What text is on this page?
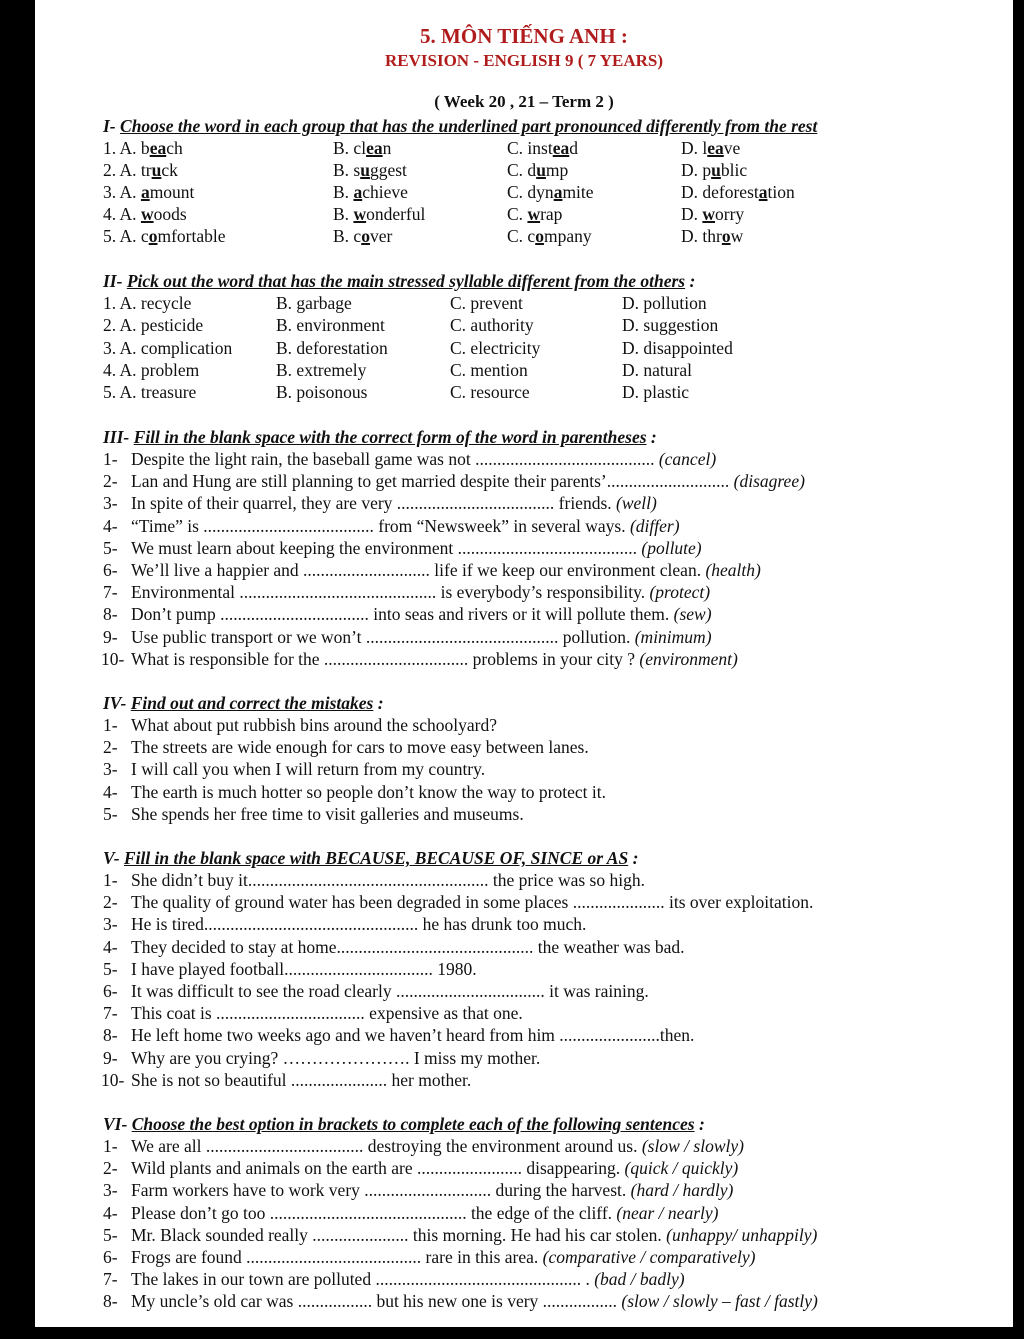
5. MÔN TIẾNG ANH :
REVISION - ENGLISH 9 ( 7 YEARS)
( Week 20 , 21 – Term 2 )
I- Choose the word in each group that has the underlined part pronounced differently from the rest
1. A. beach	B. clean	C. instead	D. leave
2. A. truck	B. suggest	C. dump	D. public
3. A. amount	B. achieve	C. dynamite	D. deforestation
4. A. woods	B. wonderful	C. wrap	D. worry
5. A. comfortable	B. cover	C. company	D. throw
II- Pick out the word that has the main stressed syllable different from the others :
1. A. recycle	B. garbage	C. prevent	D. pollution
2. A. pesticide	B. environment	C. authority	D. suggestion
3. A. complication B. deforestation	C. electricity	D. disappointed
4. A. problem	B. extremely	C. mention	D. natural
5. A. treasure	B. poisonous	C. resource	D. plastic
III- Fill in the blank space with the correct form of the word in parentheses :
1- Despite the light rain, the baseball game was not ......................................... (cancel)
2- Lan and Hung are still planning to get married despite their parents’............................ (disagree)
3- In spite of their quarrel, they are very .................................... friends. (well)
4- “Time” is ....................................... from “Newsweek” in several ways. (differ)
5- We must learn about keeping the environment ......................................... (pollute)
6- We’ll live a happier and ............................. life if we keep our environment clean. (health)
7- Environmental ............................................. is everybody’s responsibility. (protect)
8- Don’t pump .................................. into seas and rivers or it will pollute them. (sew)
9- Use public transport or we won’t ............................................ pollution. (minimum)
10- What is responsible for the ................................. problems in your city ? (environment)
IV- Find out and correct the mistakes :
1- What about put rubbish bins around the schoolyard?
2- The streets are wide enough for cars to move easy between lanes.
3- I will call you when I will return from my country.
4- The earth is much hotter so people don’t know the way to protect it.
5- She spends her free time to visit galleries and museums.
V- Fill in the blank space with BECAUSE, BECAUSE OF, SINCE or AS :
1- She didn’t buy it....................................................... the price was so high.
2- The quality of ground water has been degraded in some places ..................... its over exploitation.
3- He is tired................................................. he has drunk too much.
4- They decided to stay at home............................................. the weather was bad.
5- I have played football.................................. 1980.
6- It was difficult to see the road clearly .................................. it was raining.
7- This coat is .................................. expensive as that one.
8- He left home two weeks ago and we haven’t heard from him .......................then.
9- Why are you crying? …………………. I miss my mother.
10- She is not so beautiful ...................... her mother.
VI- Choose the best option in brackets to complete each of the following sentences :
1- We are all .................................... destroying the environment around us. (slow / slowly)
2- Wild plants and animals on the earth are ........................ disappearing. (quick / quickly)
3- Farm workers have to work very ............................. during the harvest. (hard / hardly)
4- Please don’t go too ............................................. the edge of the cliff. (near / nearly)
5- Mr. Black sounded really ...................... this morning. He had his car stolen. (unhappy/ unhappily)
6- Frogs are found ........................................ rare in this area. (comparative / comparatively)
7- The lakes in our town are polluted ............................................... . (bad / badly)
8- My uncle’s old car was ................. but his new one is very ................. (slow / slowly – fast / fastly)
